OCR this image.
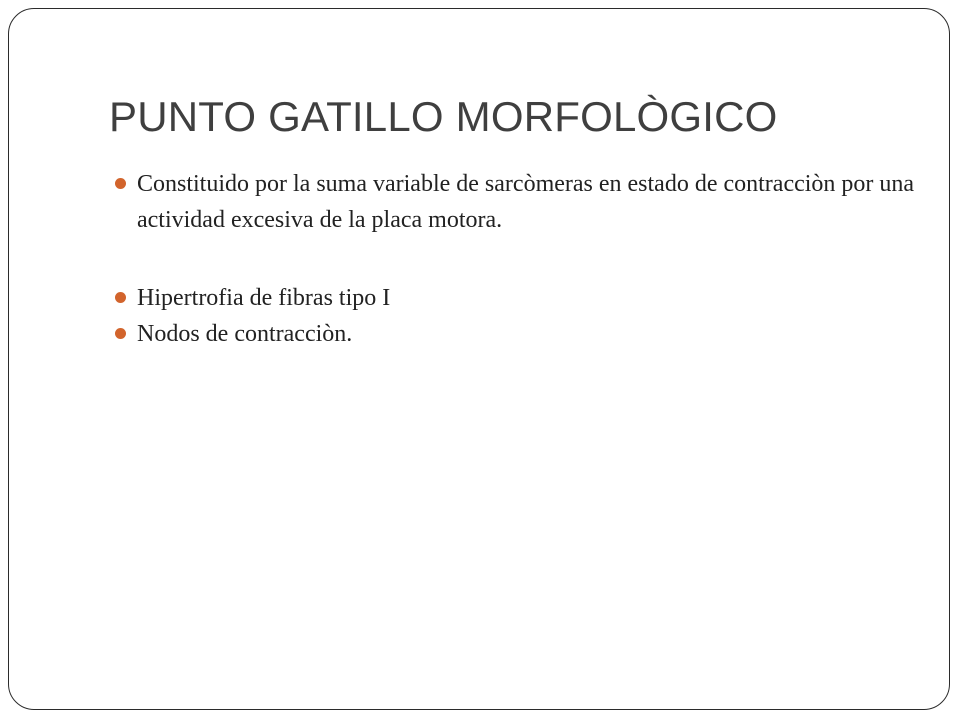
PUNTO GATILLO MORFOLÒGICO
Constituido por la suma variable de sarcòmeras en estado de contracciòn por una actividad excesiva de la placa motora.
Hipertrofia de fibras tipo I
Nodos de contracciòn.
